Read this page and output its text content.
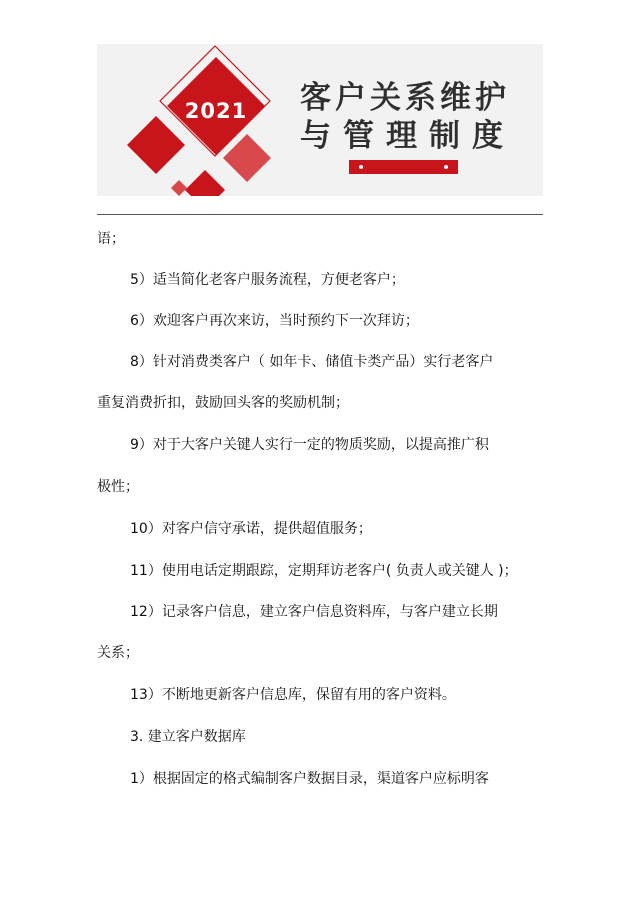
2021 客户关系维护
与管理制度
语；
5）适当简化老客户服务流程，方便老客户；
6）欢迎客户再次来访，当时预约下一次拜访；
8）针对消费类客户（ 如年卡、储值卡类产品）实行老客户
重复消费折扣，鼓励回头客的奖励机制；
9）对于大客户关键人实行一定的物质奖励，以提高推广积
极性；
10）对客户信守承诺，提供超值服务；
11）使用电话定期跟踪，定期拜访老客户( 负责人或关键人 )；
12）记录客户信息，建立客户信息资料库，与客户建立长期
关系；
13）不断地更新客户信息库，保留有用的客户资料。
3. 建立客户数据库
1）根据固定的格式编制客户数据目录，渠道客户应标明客
